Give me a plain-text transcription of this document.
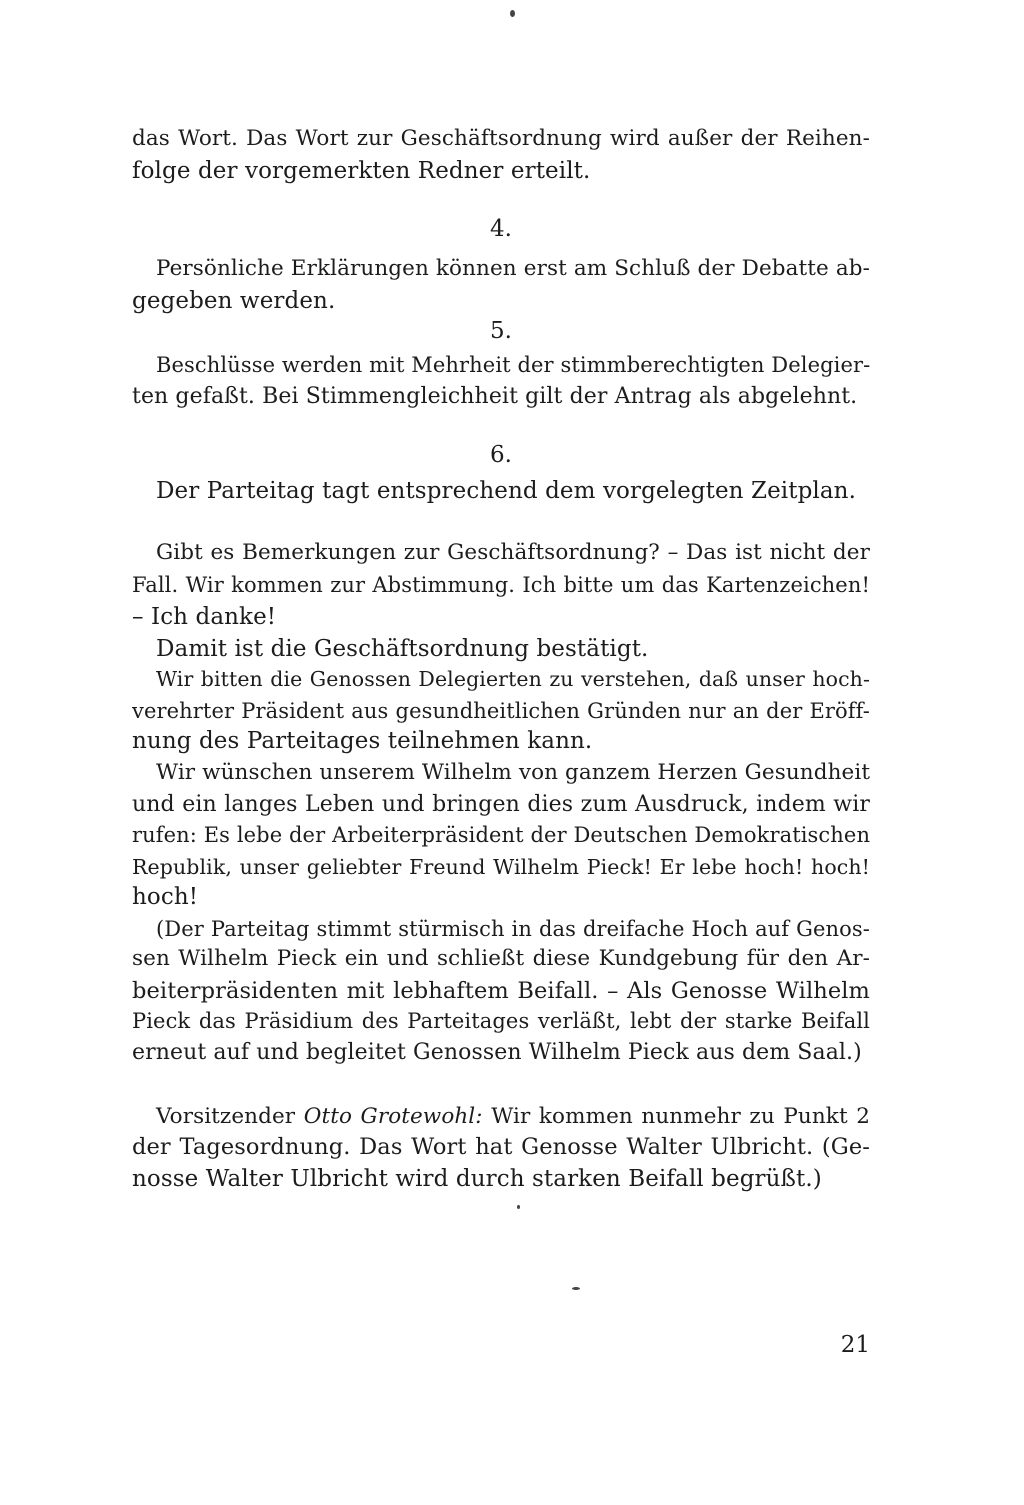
das Wort. Das Wort zur Geschäftsordnung wird außer der Reihen-
folge der vorgemerkten Redner erteilt.
4.
Persönliche Erklärungen können erst am Schluß der Debatte ab-
gegeben werden.
5.
Beschlüsse werden mit Mehrheit der stimmberechtigten Delegier-
ten gefaßt. Bei Stimmengleichheit gilt der Antrag als abgelehnt.
6.
Der Parteitag tagt entsprechend dem vorgelegten Zeitplan.
Gibt es Bemerkungen zur Geschäftsordnung? – Das ist nicht der
Fall. Wir kommen zur Abstimmung. Ich bitte um das Kartenzeichen!
– Ich danke!
Damit ist die Geschäftsordnung bestätigt.
Wir bitten die Genossen Delegierten zu verstehen, daß unser hoch-
verehrter Präsident aus gesundheitlichen Gründen nur an der Eröff-
nung des Parteitages teilnehmen kann.
Wir wünschen unserem Wilhelm von ganzem Herzen Gesundheit
und ein langes Leben und bringen dies zum Ausdruck, indem wir
rufen: Es lebe der Arbeiterpräsident der Deutschen Demokratischen
Republik, unser geliebter Freund Wilhelm Pieck! Er lebe hoch! hoch!
hoch!
(Der Parteitag stimmt stürmisch in das dreifache Hoch auf Genos-
sen Wilhelm Pieck ein und schließt diese Kundgebung für den Ar-
beiterpräsidenten mit lebhaftem Beifall. – Als Genosse Wilhelm
Pieck das Präsidium des Parteitages verläßt, lebt der starke Beifall
erneut auf und begleitet Genossen Wilhelm Pieck aus dem Saal.)
Vorsitzender Otto Grotewohl: Wir kommen nunmehr zu Punkt 2
der Tagesordnung. Das Wort hat Genosse Walter Ulbricht. (Ge-
nosse Walter Ulbricht wird durch starken Beifall begrüßt.)
21
